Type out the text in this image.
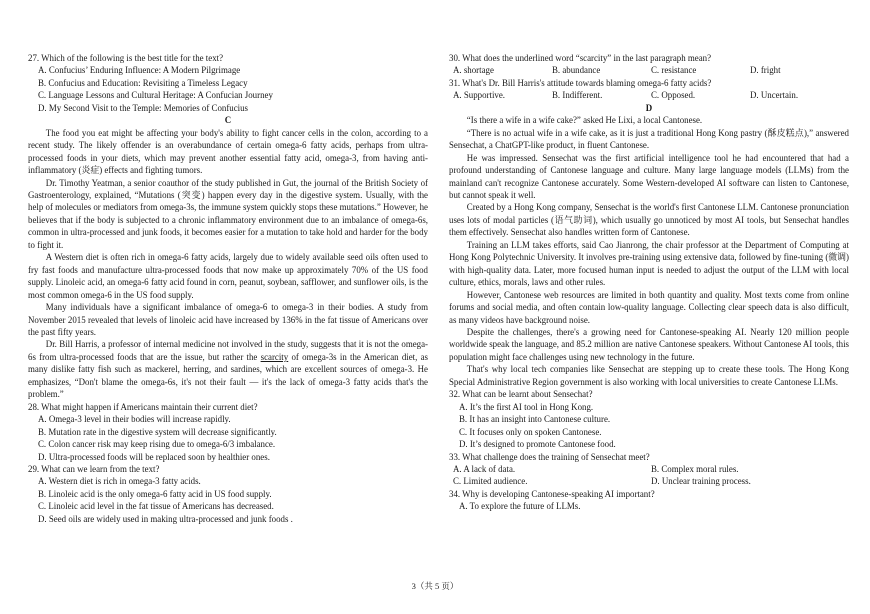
27. Which of the following is the best title for the text?

A. Confucius’ Enduring Influence: A Modern Pilgrimage

B. Confucius and Education: Revisiting a Timeless Legacy

C. Language Lessons and Cultural Heritage: A Confucian Journey

D. My Second Visit to the Temple: Memories of Confucius

C

The food you eat might be affecting your body's ability to fight cancer cells in the colon, according to a recent study. The likely offender is an overabundance of certain omega-6 fatty acids, perhaps from ultra-processed foods in your diets, which may prevent another essential fatty acid, omega-3, from having anti-inflammatory (炎症) effects and fighting tumors.

Dr. Timothy Yeatman, a senior coauthor of the study published in Gut, the journal of the British Society of Gastroenterology, explained, “Mutations (突变) happen every day in the digestive system. Usually, with the help of molecules or mediators from omega-3s, the immune system quickly stops these mutations.” However, he believes that if the body is subjected to a chronic inflammatory environment due to an imbalance of omega-6s, common in ultra-processed and junk foods, it becomes easier for a mutation to take hold and harder for the body to fight it.

A Western diet is often rich in omega-6 fatty acids, largely due to widely available seed oils often used to fry fast foods and manufacture ultra-processed foods that now make up approximately 70% of the US food supply. Linoleic acid, an omega-6 fatty acid found in corn, peanut, soybean, safflower, and sunflower oils, is the most common omega-6 in the US food supply.

Many individuals have a significant imbalance of omega-6 to omega-3 in their bodies. A study from November 2015 revealed that levels of linoleic acid have increased by 136% in the fat tissue of Americans over the past fifty years.

Dr. Bill Harris, a professor of internal medicine not involved in the study, suggests that it is not the omega-6s from ultra-processed foods that are the issue, but rather the scarcity of omega-3s in the American diet, as many dislike fatty fish such as mackerel, herring, and sardines, which are excellent sources of omega-3. He emphasizes, “Don't blame the omega-6s, it's not their fault — it's the lack of omega-3 fatty acids that's the problem.”

28. What might happen if Americans maintain their current diet?

A. Omega-3 level in their bodies will increase rapidly.

B. Mutation rate in the digestive system will decrease significantly.

C. Colon cancer risk may keep rising due to omega-6/3 imbalance.

D. Ultra-processed foods will be replaced soon by healthier ones.

29. What can we learn from the text?

A. Western diet is rich in omega-3 fatty acids.

B. Linoleic acid is the only omega-6 fatty acid in US food supply.

C. Linoleic acid level in the fat tissue of Americans has decreased.

D. Seed oils are widely used in making ultra-processed and junk foods .

30. What does the underlined word “scarcity” in the last paragraph mean?

A. shortage	B. abundance	C. resistance	D. fright

31. What's Dr. Bill Harris's attitude towards blaming omega-6 fatty acids?

A. Supportive.	B. Indifferent.	C. Opposed.	D. Uncertain.

D

“Is there a wife in a wife cake?” asked He Lixi, a local Cantonese.

“There is no actual wife in a wife cake, as it is just a traditional Hong Kong pastry (酥皮糕点),” answered Sensechat, a ChatGPT-like product, in fluent Cantonese.

He was impressed. Sensechat was the first artificial intelligence tool he had encountered that had a profound understanding of Cantonese language and culture. Many large language models (LLMs) from the mainland can't recognize Cantonese accurately. Some Western-developed AI software can listen to Cantonese, but cannot speak it well.

Created by a Hong Kong company, Sensechat is the world's first Cantonese LLM. Cantonese pronunciation uses lots of modal particles (语气助词), which usually go unnoticed by most AI tools, but Sensechat handles them effectively. Sensechat also handles written form of Cantonese.

Training an LLM takes efforts, said Cao Jianrong, the chair professor at the Department of Computing at Hong Kong Polytechnic University. It involves pre-training using extensive data, followed by fine-tuning (微调) with high-quality data. Later, more focused human input is needed to adjust the output of the LLM with local culture, ethics, morals, laws and other rules.

However, Cantonese web resources are limited in both quantity and quality. Most texts come from online forums and social media, and often contain low-quality language. Collecting clear speech data is also difficult, as many videos have background noise.

Despite the challenges, there's a growing need for Cantonese-speaking AI. Nearly 120 million people worldwide speak the language, and 85.2 million are native Cantonese speakers. Without Cantonese AI tools, this population might face challenges using new technology in the future.

That's why local tech companies like Sensechat are stepping up to create these tools. The Hong Kong Special Administrative Region government is also working with local universities to create Cantonese LLMs.

32. What can be learnt about Sensechat?

A. It’s the first AI tool in Hong Kong.

B. It has an insight into Cantonese culture.

C. It focuses only on spoken Cantonese.

D. It’s designed to promote Cantonese food.

33. What challenge does the training of Sensechat meet?

A. A lack of data.	B. Complex moral rules.
C. Limited audience.	D. Unclear training process.

34. Why is developing Cantonese-speaking AI important?

A. To explore the future of LLMs.

3（共 5 页）
